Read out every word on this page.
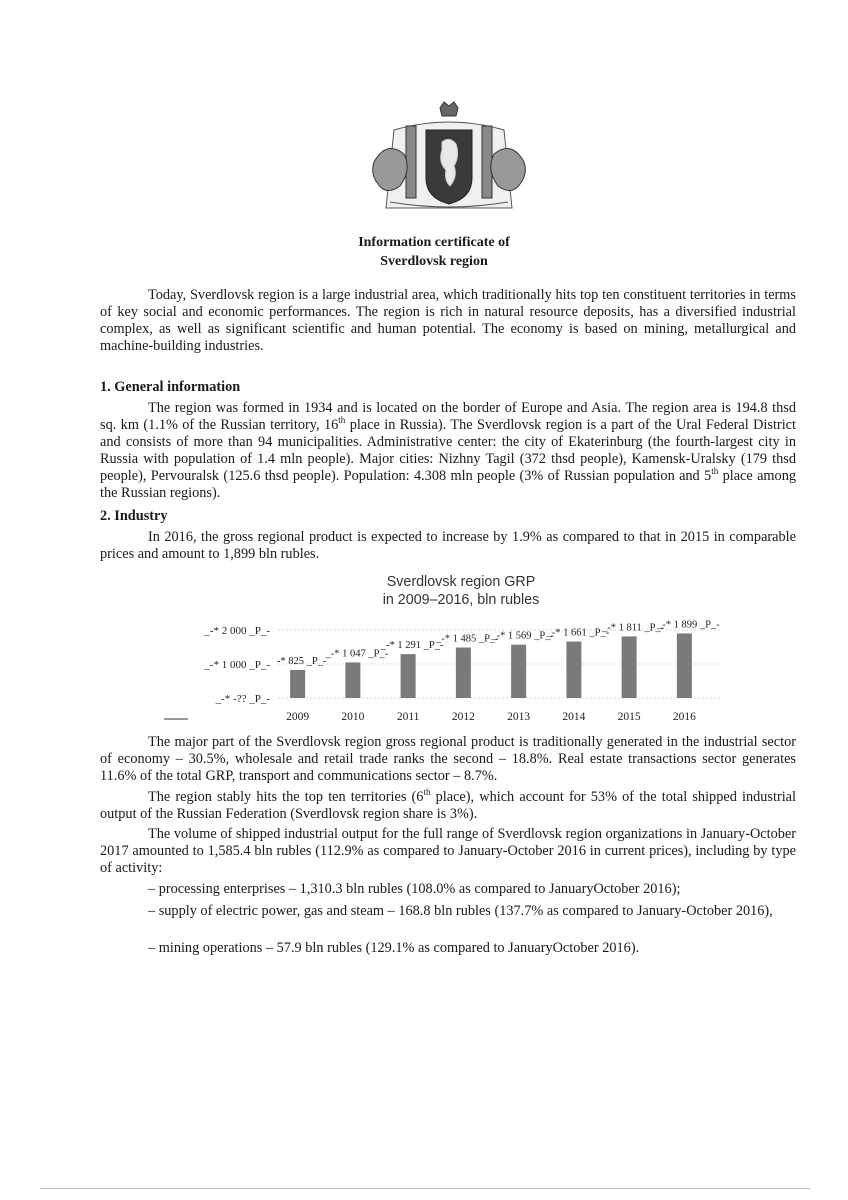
Information certificate of
Sverdlovsk region

Today, Sverdlovsk region is a large industrial area, which traditionally hits top ten constituent territories in terms of key social and economic performances. The region is rich in natural resource deposits, has a diversified industrial complex, as well as significant scientific and human potential. The economy is based on mining, metallurgical and machine-building industries.

1. General information

The region was formed in 1934 and is located on the border of Europe and Asia. The region area is 194.8 thsd sq. km (1.1% of the Russian territory, 16th place in Russia). The Sverdlovsk region is a part of the Ural Federal District and consists of more than 94 municipalities. Administrative center: the city of Ekaterinburg (the fourth-largest city in Russia with population of 1.4 mln people). Major cities: Nizhny Tagil (372 thsd people), Kamensk-Uralsky (179 thsd people), Pervouralsk (125.6 thsd people). Population: 4.308 mln people (3% of Russian population and 5th place among the Russian regions).

2. Industry

In 2016, the gross regional product is expected to increase by 1.9% as compared to that in 2015 in comparable prices and amount to 1,899 bln rubles.

Sverdlovsk region GRP
in 2009–2016, bln rubles
_-* 2 000 _P_-
_-* 1 000 _P_-
_-* -?? _P_-
-* 825 _P_-
2009
_-* 1 047 _P_-
2010
_-* 1 291 _P_-
2011
_-* 1 485 _P_-
2012
_-* 1 569 _P_-
2013
_-* 1 661 _P_-
2014
_-* 1 811 _P_-
2015
_-* 1 899 _P_-
2016

The major part of the Sverdlovsk region gross regional product is traditionally generated in the industrial sector of economy – 30.5%, wholesale and retail trade ranks the second – 18.8%. Real estate transactions sector generates 11.6% of the total GRP, transport and communications sector – 8.7%.

The region stably hits the top ten territories (6th place), which account for 53% of the total shipped industrial output of the Russian Federation (Sverdlovsk region share is 3%).

The volume of shipped industrial output for the full range of Sverdlovsk region organizations in January-October 2017 amounted to 1,585.4 bln rubles (112.9% as compared to January-October 2016 in current prices), including by type of activity:

– processing enterprises – 1,310.3 bln rubles (108.0% as compared to JanuaryOctober 2016);

– supply of electric power, gas and steam – 168.8 bln rubles (137.7% as compared to January-October 2016),

– mining operations – 57.9 bln rubles (129.1% as compared to JanuaryOctober 2016).
